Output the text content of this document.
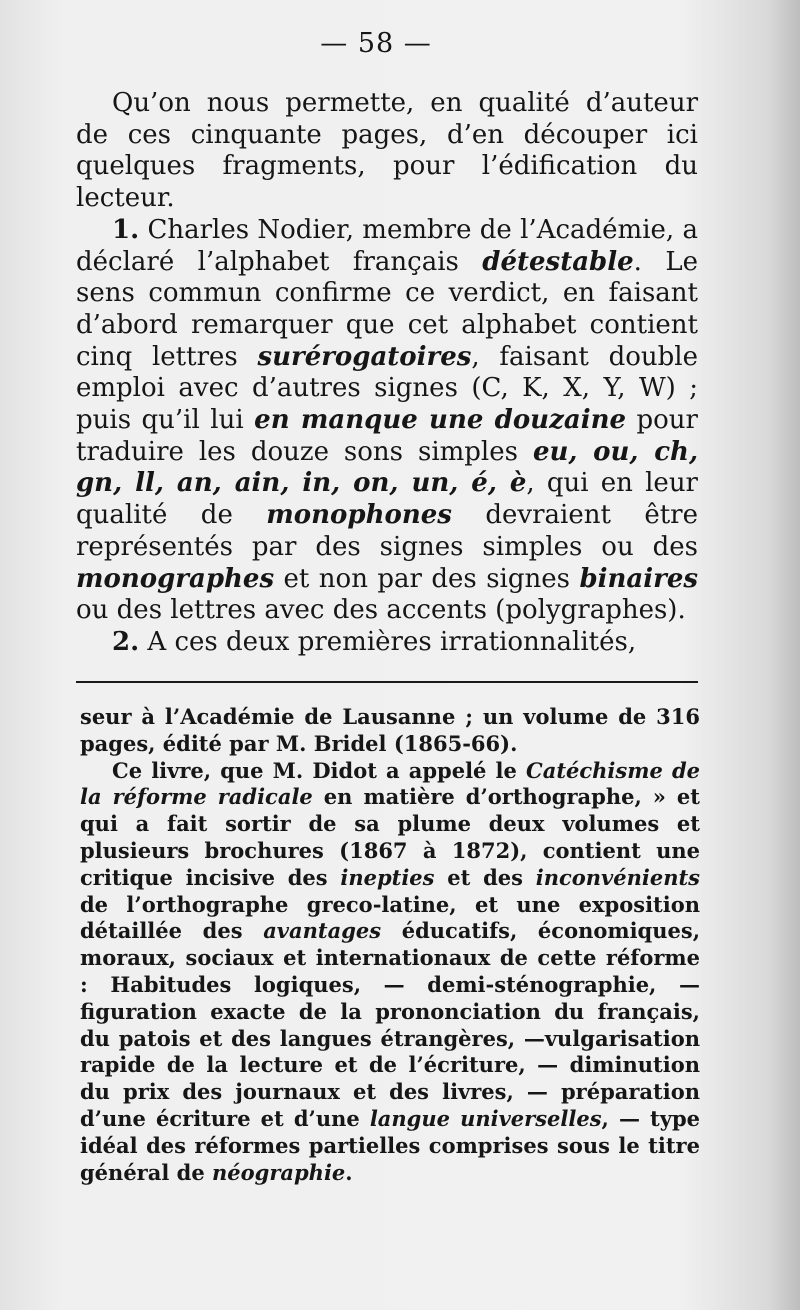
— 58 —

Qu’on nous permette, en qualité d’auteur de ces cinquante pages, d’en découper ici quelques fragments, pour l’édification du lecteur.

1. Charles Nodier, membre de l’Académie, a déclaré l’alphabet français détestable. Le sens commun confirme ce verdict, en faisant d’abord remarquer que cet alphabet contient cinq lettres surérogatoires, faisant double emploi avec d’autres signes (C, K, X, Y, W) ; puis qu’il lui en manque une douzaine pour traduire les douze sons simples eu, ou, ch, gn, ll, an, ain, in, on, un, é, è, qui en leur qualité de monophones devraient être représentés par des signes simples ou des monographes et non par des signes binaires ou des lettres avec des accents (polygraphes).

2. A ces deux premières irrationnalités,

seur à l’Académie de Lausanne ; un volume de 316 pages, édité par M. Bridel (1865-66).

Ce livre, que M. Didot a appelé le Catéchisme de la réforme radicale en matière d’orthographe, » et qui a fait sortir de sa plume deux volumes et plusieurs brochures (1867 à 1872), contient une critique incisive des inepties et des inconvénients de l’orthographe greco-latine, et une exposition détaillée des avantages éducatifs, économiques, moraux, sociaux et internationaux de cette réforme : Habitudes logiques, — demi-sténographie, — figuration exacte de la prononciation du français, du patois et des langues étrangères, —vulgarisation rapide de la lecture et de l’écriture, — diminution du prix des journaux et des livres, — préparation d’une écriture et d’une langue universelles, — type idéal des réformes partielles comprises sous le titre général de néographie.
